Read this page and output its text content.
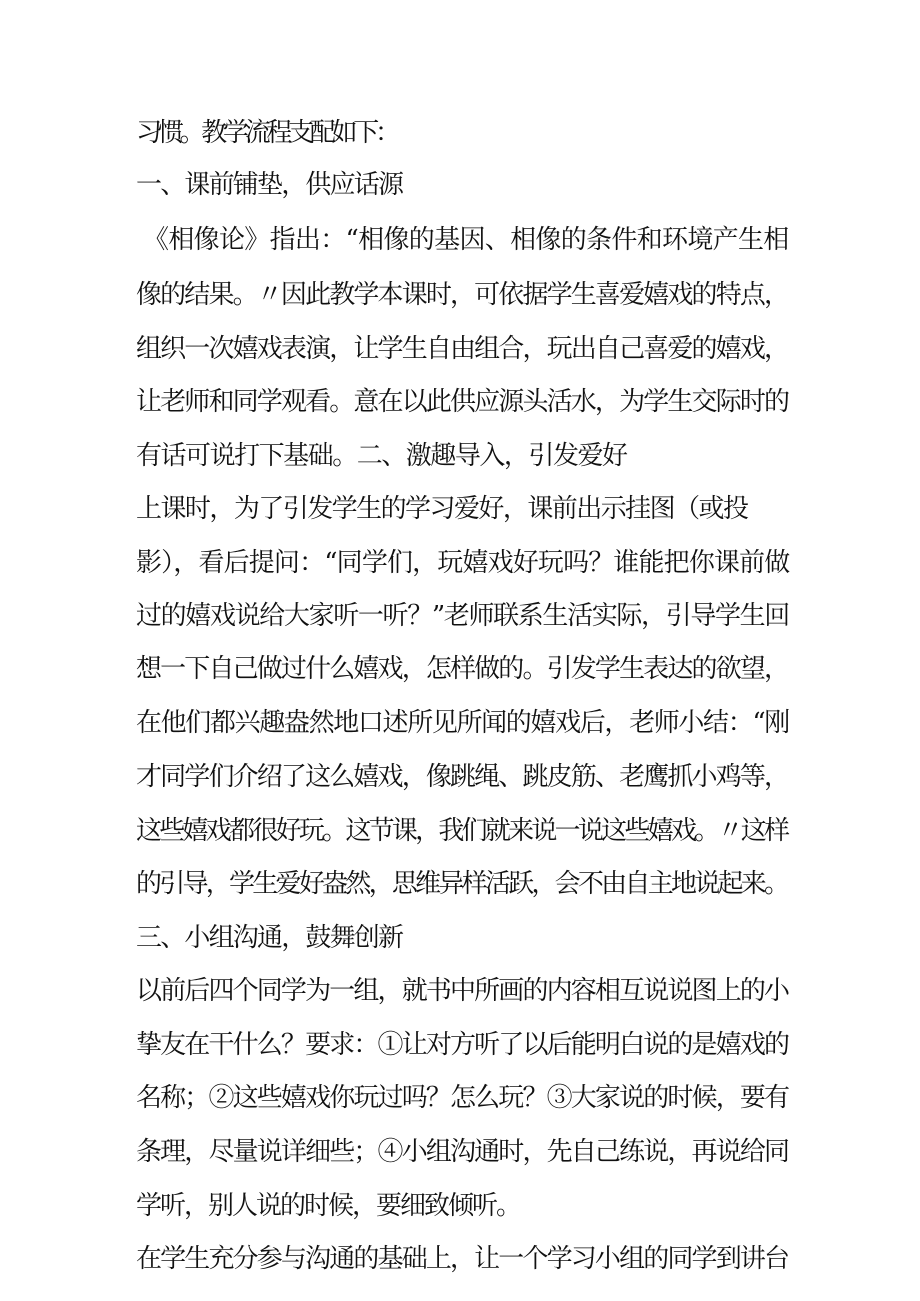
习惯。教学流程支配如下：
一、课前铺垫，供应话源
《相像论》指出：“相像的基因、相像的条件和环境产生相
像的结果。〃因此教学本课时，可依据学生喜爱嬉戏的特点，
组织一次嬉戏表演，让学生自由组合，玩出自己喜爱的嬉戏，
让老师和同学观看。意在以此供应源头活水，为学生交际时的
有话可说打下基础。二、激趣导入，引发爱好
上课时，为了引发学生的学习爱好，课前出示挂图（或投
影），看后提问：“同学们，玩嬉戏好玩吗？谁能把你课前做
过的嬉戏说给大家听一听？”老师联系生活实际，引导学生回
想一下自己做过什么嬉戏，怎样做的。引发学生表达的欲望，
在他们都兴趣盎然地口述所见所闻的嬉戏后，老师小结：“刚
才同学们介绍了这么嬉戏，像跳绳、跳皮筋、老鹰抓小鸡等，
这些嬉戏都很好玩。这节课，我们就来说一说这些嬉戏。〃这样
的引导，学生爱好盎然，思维异样活跃，会不由自主地说起来。
三、小组沟通，鼓舞创新
以前后四个同学为一组，就书中所画的内容相互说说图上的小
挚友在干什么？要求：①让对方听了以后能明白说的是嬉戏的
名称；②这些嬉戏你玩过吗？怎么玩？③大家说的时候，要有
条理，尽量说详细些；④小组沟通时，先自己练说，再说给同
学听，别人说的时候，要细致倾听。
在学生充分参与沟通的基础上，让一个学习小组的同学到讲台
